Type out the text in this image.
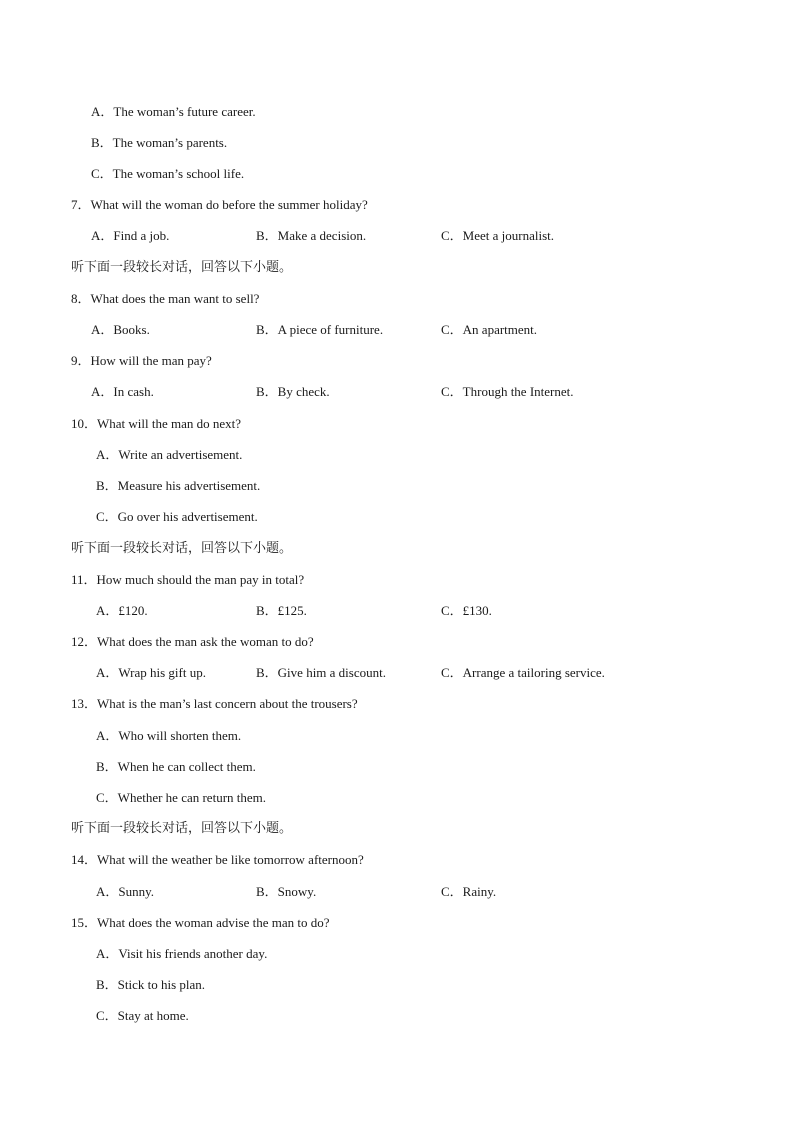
A．The woman’s future career.
B．The woman’s parents.
C．The woman’s school life.
7．What will the woman do before the summer holiday?
A．Find a job.	B．Make a decision.	C．Meet a journalist.
听下面一段较长对话，回答以下小题。
8．What does the man want to sell?
A．Books.	B．A piece of furniture.	C．An apartment.
9．How will the man pay?
A．In cash.	B．By check.	C．Through the Internet.
10．What will the man do next?
A．Write an advertisement.
B．Measure his advertisement.
C．Go over his advertisement.
听下面一段较长对话，回答以下小题。
11．How much should the man pay in total?
A．£120.	B．£125.	C．£130.
12．What does the man ask the woman to do?
A．Wrap his gift up.	B．Give him a discount.	C．Arrange a tailoring service.
13．What is the man’s last concern about the trousers?
A．Who will shorten them.
B．When he can collect them.
C．Whether he can return them.
听下面一段较长对话，回答以下小题。
14．What will the weather be like tomorrow afternoon?
A．Sunny.	B．Snowy.	C．Rainy.
15．What does the woman advise the man to do?
A．Visit his friends another day.
B．Stick to his plan.
C．Stay at home.
